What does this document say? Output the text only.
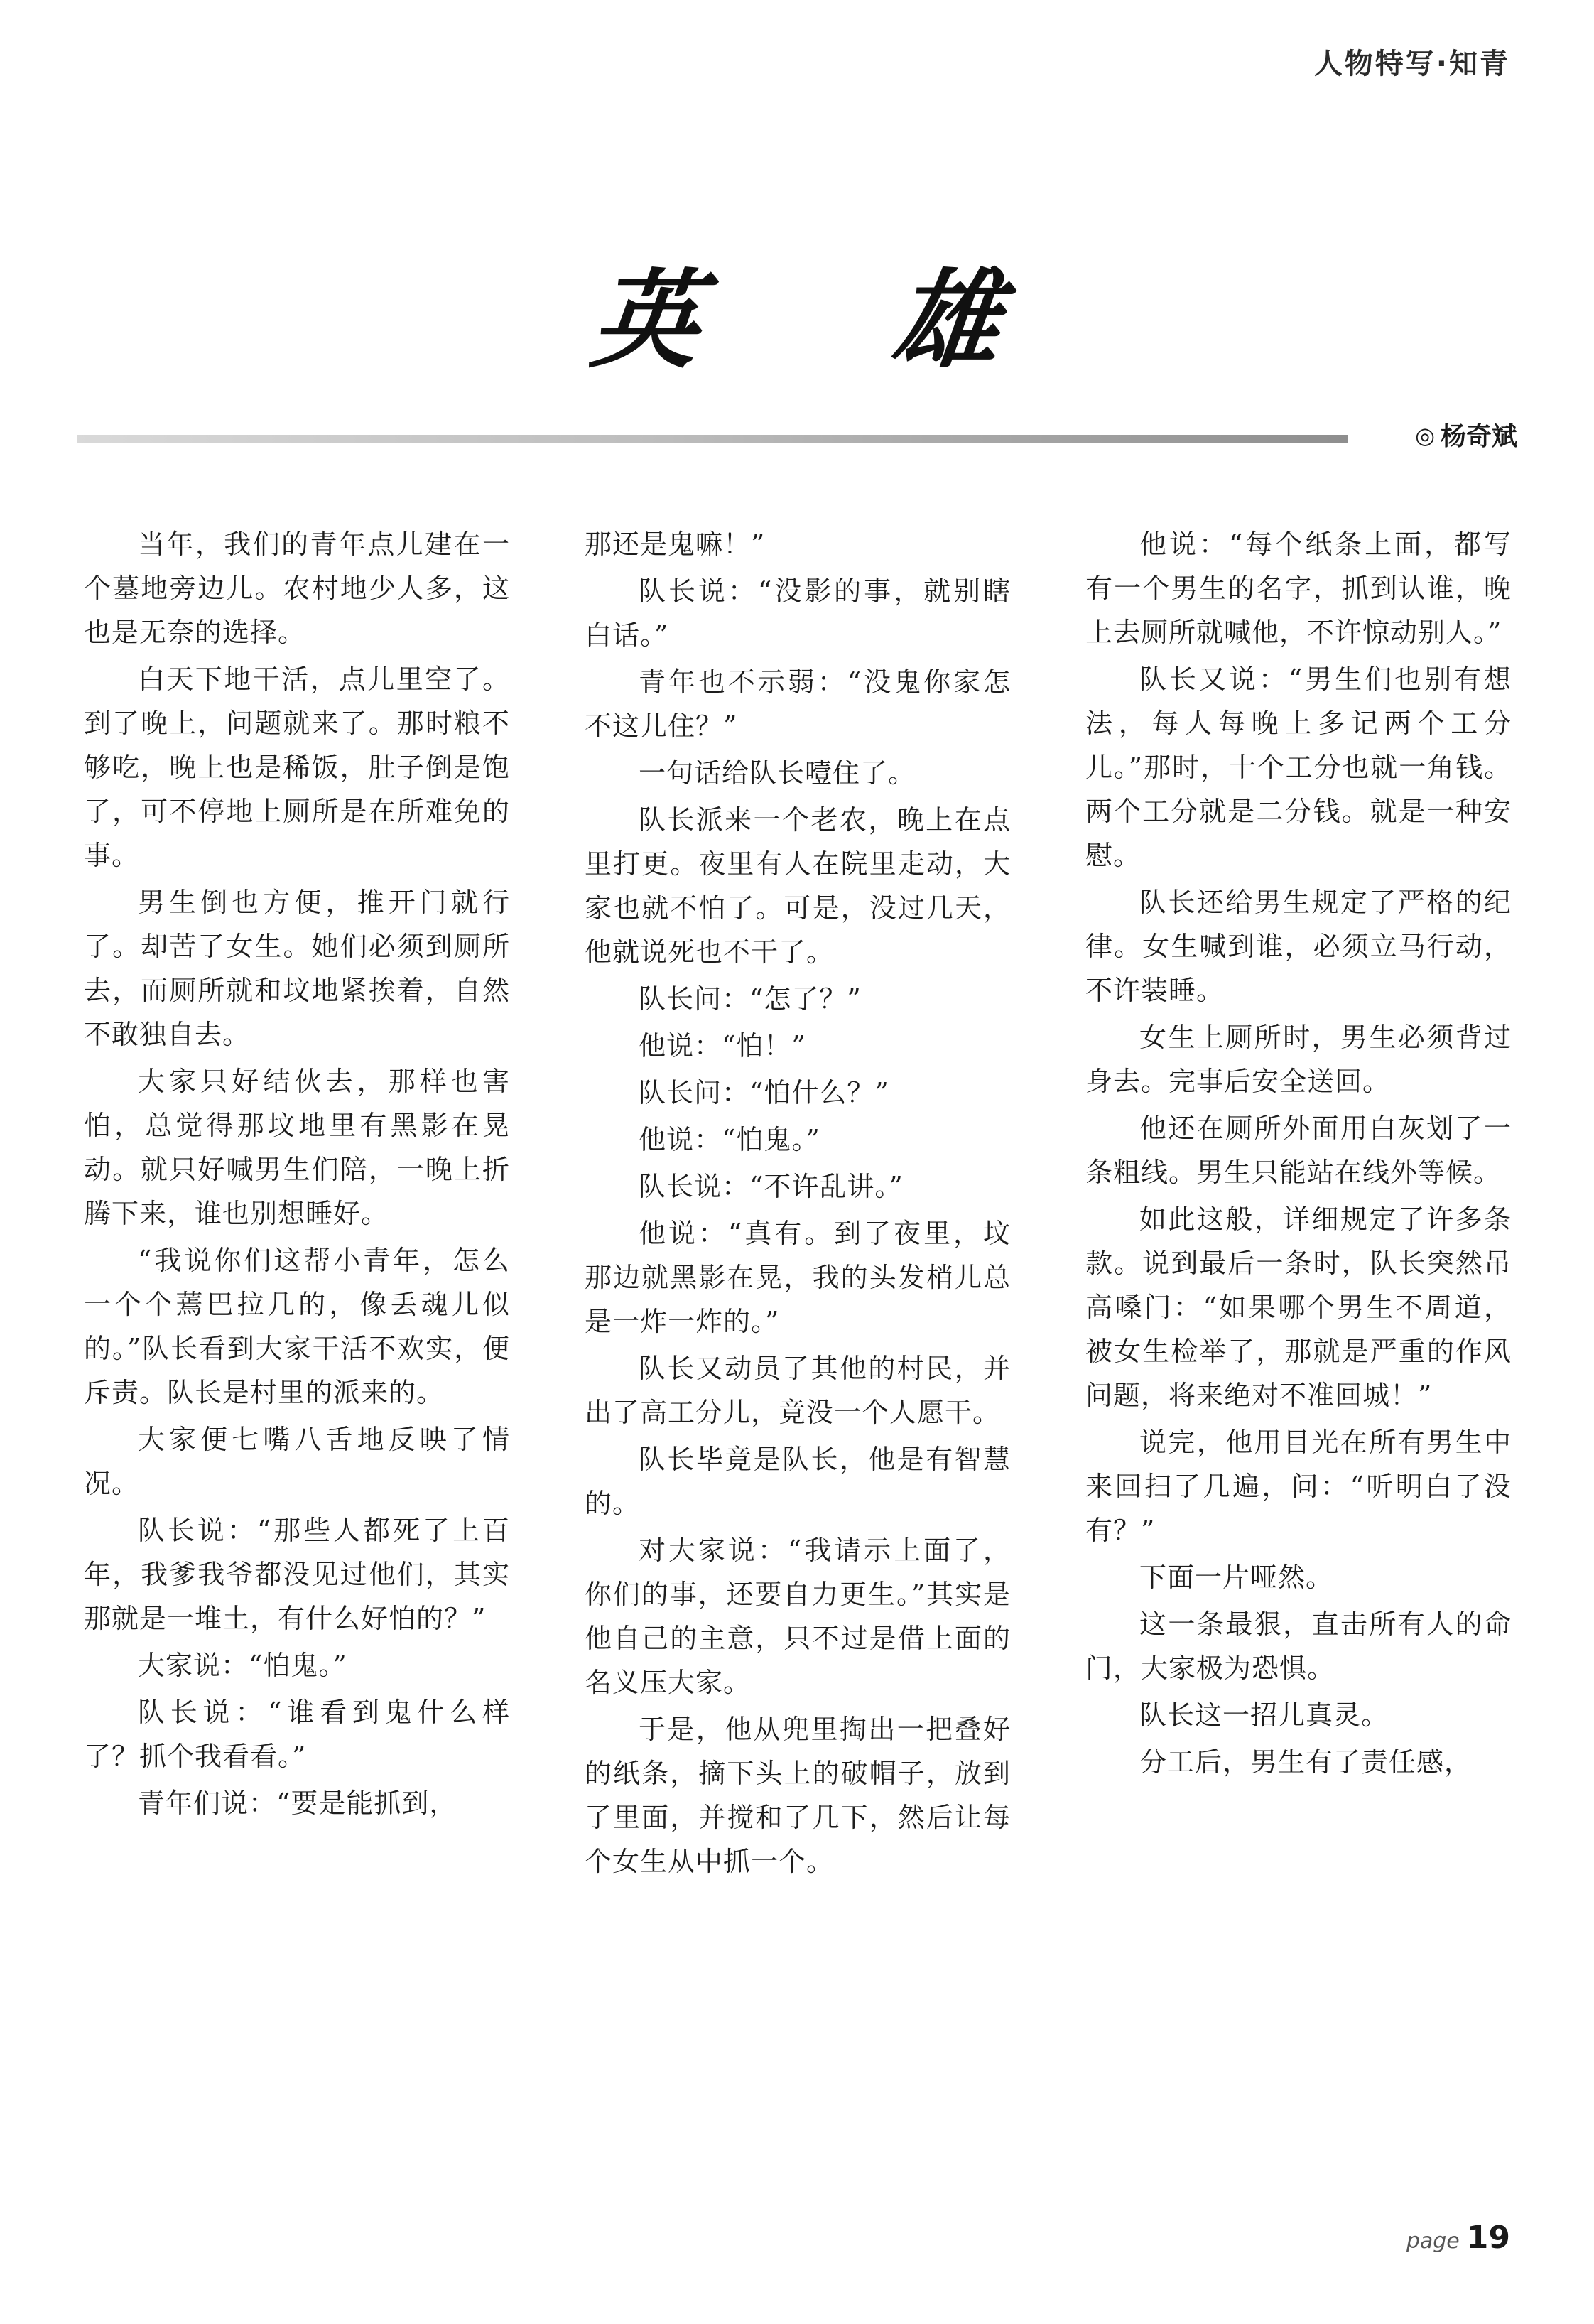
人物特写·知青
英　雄
◎ 杨奇斌

当年，我们的青年点儿建在一个墓地旁边儿。农村地少人多，这也是无奈的选择。

白天下地干活，点儿里空了。到了晚上，问题就来了。那时粮不够吃，晚上也是稀饭，肚子倒是饱了，可不停地上厕所是在所难免的事。

男生倒也方便，推开门就行了。却苦了女生。她们必须到厕所去，而厕所就和坟地紧挨着，自然不敢独自去。

大家只好结伙去，那样也害怕，总觉得那坟地里有黑影在晃动。就只好喊男生们陪，一晚上折腾下来，谁也别想睡好。

“我说你们这帮小青年，怎么一个个蔫巴拉几的，像丢魂儿似的。”队长看到大家干活不欢实，便斥责。队长是村里的派来的。

大家便七嘴八舌地反映了情况。

队长说：“那些人都死了上百年，我爹我爷都没见过他们，其实那就是一堆土，有什么好怕的？”

大家说：“怕鬼。”

队长说：“谁看到鬼什么样了？抓个我看看。”

青年们说：“要是能抓到，

那还是鬼嘛！”

队长说：“没影的事，就别瞎白话。”

青年也不示弱：“没鬼你家怎不这儿住？”

一句话给队长噎住了。

队长派来一个老农，晚上在点里打更。夜里有人在院里走动，大家也就不怕了。可是，没过几天，他就说死也不干了。

队长问：“怎了？”

他说：“怕！”

队长问：“怕什么？”

他说：“怕鬼。”

队长说：“不许乱讲。”

他说：“真有。到了夜里，坟那边就黑影在晃，我的头发梢儿总是一炸一炸的。”

队长又动员了其他的村民，并出了高工分儿，竟没一个人愿干。

队长毕竟是队长，他是有智慧的。

对大家说：“我请示上面了，你们的事，还要自力更生。”其实是他自己的主意，只不过是借上面的名义压大家。

于是，他从兜里掏出一把叠好的纸条，摘下头上的破帽子，放到了里面，并搅和了几下，然后让每个女生从中抓一个。

他说：“每个纸条上面，都写有一个男生的名字，抓到认谁，晚上去厕所就喊他，不许惊动别人。”

队长又说：“男生们也别有想法，每人每晚上多记两个工分儿。”那时，十个工分也就一角钱。两个工分就是二分钱。就是一种安慰。

队长还给男生规定了严格的纪律。女生喊到谁，必须立马行动，不许装睡。

女生上厕所时，男生必须背过身去。完事后安全送回。

他还在厕所外面用白灰划了一条粗线。男生只能站在线外等候。

如此这般，详细规定了许多条款。说到最后一条时，队长突然吊高嗓门：“如果哪个男生不周道，被女生检举了，那就是严重的作风问题，将来绝对不准回城！”

说完，他用目光在所有男生中来回扫了几遍，问：“听明白了没有？”

下面一片哑然。

这一条最狠，直击所有人的命门，大家极为恐惧。

队长这一招儿真灵。

分工后，男生有了责任感，

page 19
